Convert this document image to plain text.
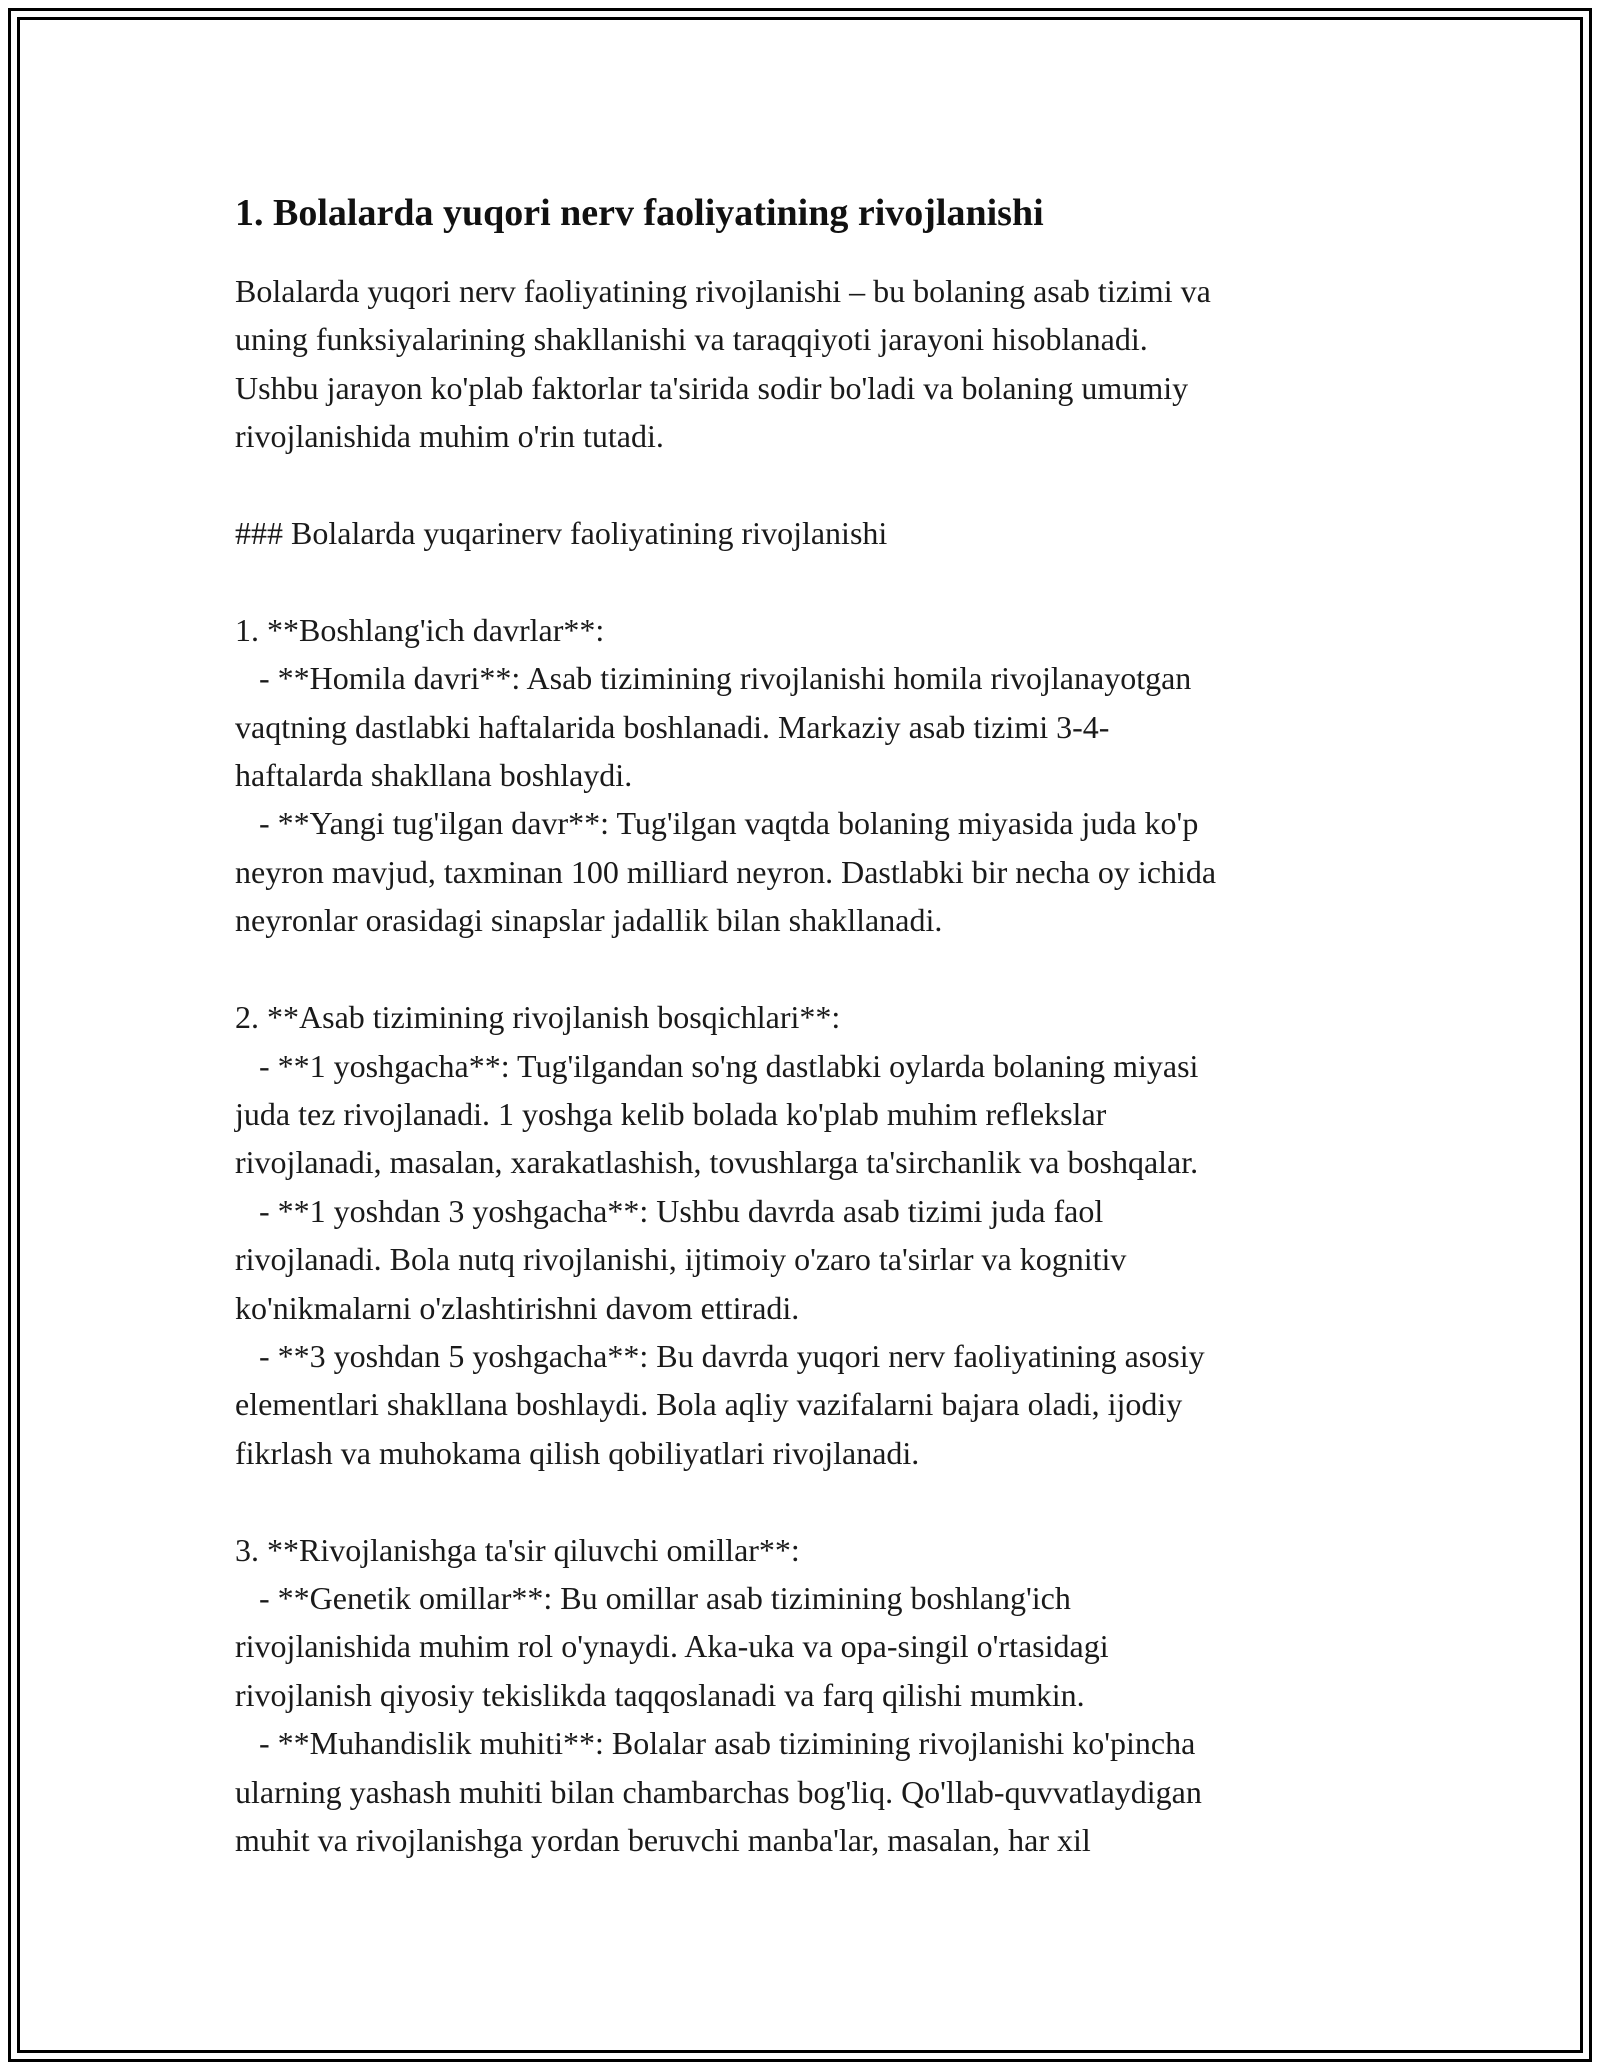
1. Bolalarda yuqori nerv faoliyatining rivojlanishi
Bolalarda yuqori nerv faoliyatining rivojlanishi – bu bolaning asab tizimi va
uning funksiyalarining shakllanishi va taraqqiyoti jarayoni hisoblanadi.
Ushbu jarayon ko'plab faktorlar ta'sirida sodir bo'ladi va bolaning umumiy
rivojlanishida muhim o'rin tutadi.

### Bolalarda yuqarinerv faoliyatining rivojlanishi

1. **Boshlang'ich davrlar**:
- **Homila davri**: Asab tizimining rivojlanishi homila rivojlanayotgan
vaqtning dastlabki haftalarida boshlanadi. Markaziy asab tizimi 3-4-
haftalarda shakllana boshlaydi.
- **Yangi tug'ilgan davr**: Tug'ilgan vaqtda bolaning miyasida juda ko'p
neyron mavjud, taxminan 100 milliard neyron. Dastlabki bir necha oy ichida
neyronlar orasidagi sinapslar jadallik bilan shakllanadi.

2. **Asab tizimining rivojlanish bosqichlari**:
- **1 yoshgacha**: Tug'ilgandan so'ng dastlabki oylarda bolaning miyasi
juda tez rivojlanadi. 1 yoshga kelib bolada ko'plab muhim reflekslar
rivojlanadi, masalan, xarakatlashish, tovushlarga ta'sirchanlik va boshqalar.
- **1 yoshdan 3 yoshgacha**: Ushbu davrda asab tizimi juda faol
rivojlanadi. Bola nutq rivojlanishi, ijtimoiy o'zaro ta'sirlar va kognitiv
ko'nikmalarni o'zlashtirishni davom ettiradi.
- **3 yoshdan 5 yoshgacha**: Bu davrda yuqori nerv faoliyatining asosiy
elementlari shakllana boshlaydi. Bola aqliy vazifalarni bajara oladi, ijodiy
fikrlash va muhokama qilish qobiliyatlari rivojlanadi.

3. **Rivojlanishga ta'sir qiluvchi omillar**:
- **Genetik omillar**: Bu omillar asab tizimining boshlang'ich
rivojlanishida muhim rol o'ynaydi. Aka-uka va opa-singil o'rtasidagi
rivojlanish qiyosiy tekislikda taqqoslanadi va farq qilishi mumkin.
- **Muhandislik muhiti**: Bolalar asab tizimining rivojlanishi ko'pincha
ularning yashash muhiti bilan chambarchas bog'liq. Qo'llab-quvvatlaydigan
muhit va rivojlanishga yordan beruvchi manba'lar, masalan, har xil
